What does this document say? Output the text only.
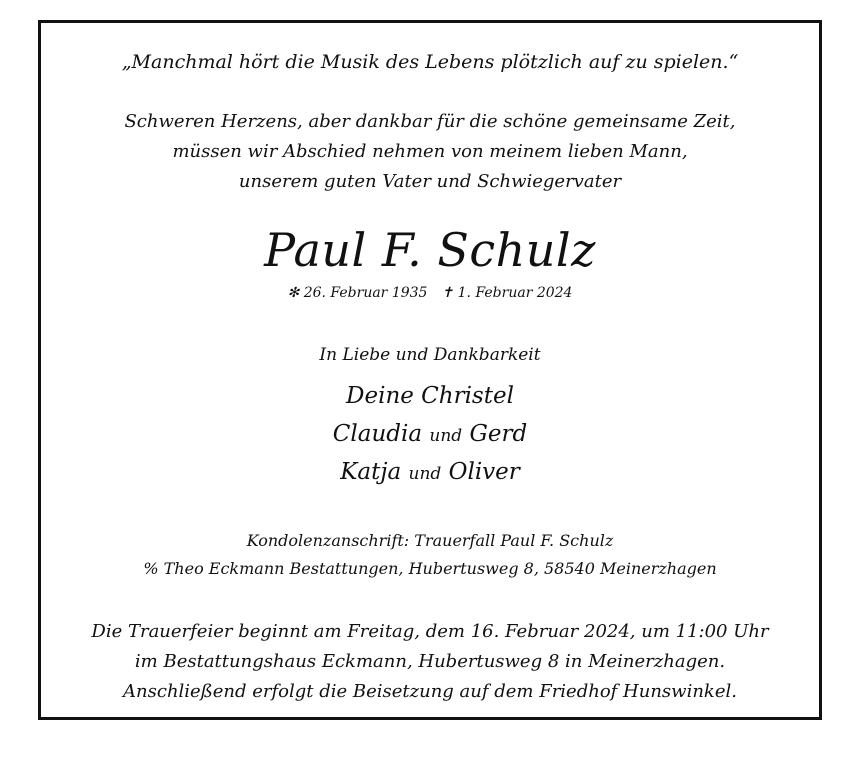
„Manchmal hört die Musik des Lebens plötzlich auf zu spielen.“
Schweren Herzens, aber dankbar für die schöne gemeinsame Zeit,
müssen wir Abschied nehmen von meinem lieben Mann,
unserem guten Vater und Schwiegervater
Paul F. Schulz
✻ 26. Februar 1935 ✝ 1. Februar 2024
In Liebe und Dankbarkeit
Deine Christel
Claudia und Gerd
Katja und Oliver
Kondolenzanschrift: Trauerfall Paul F. Schulz
% Theo Eckmann Bestattungen, Hubertusweg 8, 58540 Meinerzhagen
Die Trauerfeier beginnt am Freitag, dem 16. Februar 2024, um 11:00 Uhr
im Bestattungshaus Eckmann, Hubertusweg 8 in Meinerzhagen.
Anschließend erfolgt die Beisetzung auf dem Friedhof Hunswinkel.
